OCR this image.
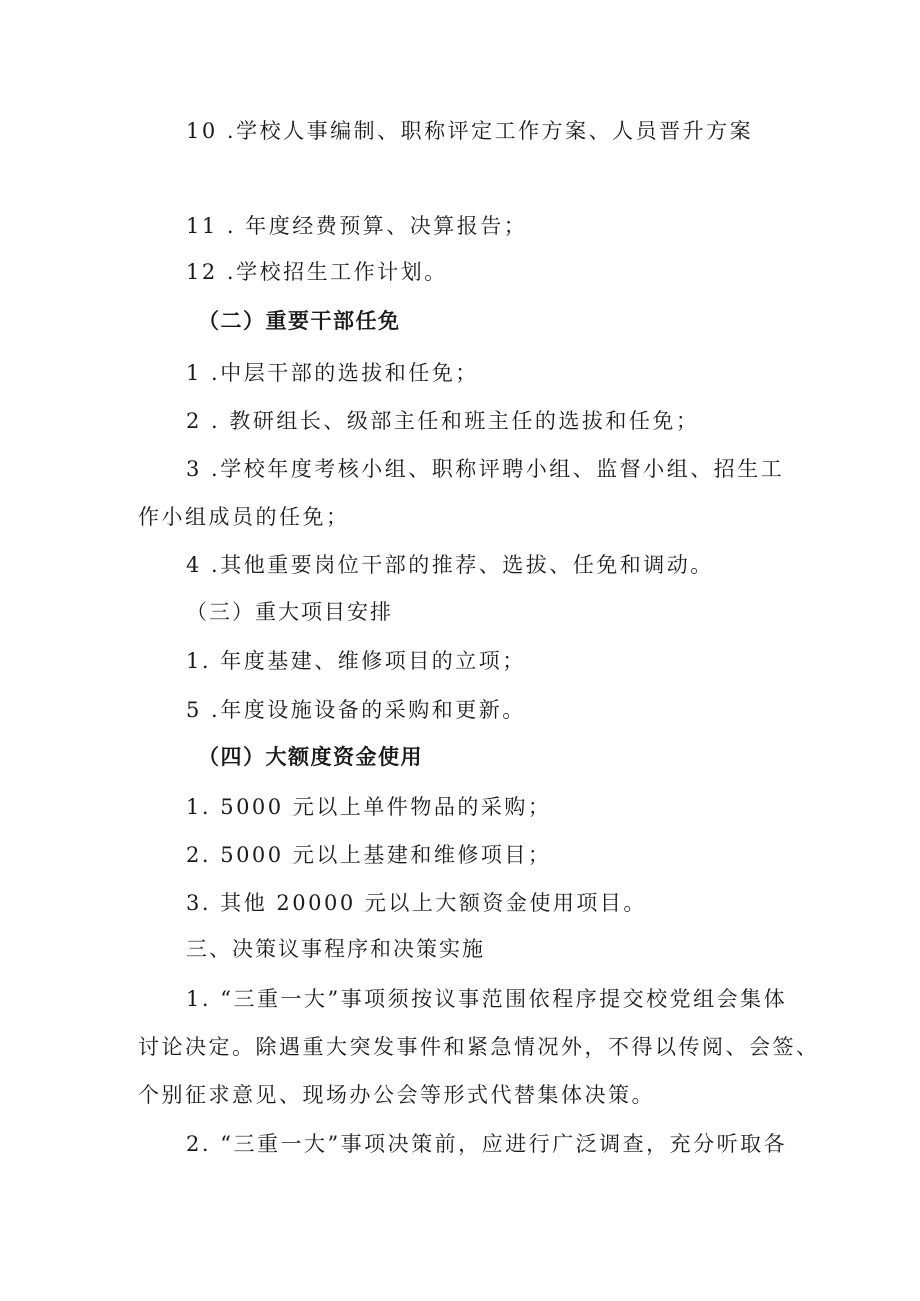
10 .学校人事编制、职称评定工作方案、人员晋升方案
11 . 年度经费预算、决算报告；
12 .学校招生工作计划。
（二）重要干部任免
1 .中层干部的选拔和任免；
2 . 教研组长、级部主任和班主任的选拔和任免；
3 .学校年度考核小组、职称评聘小组、监督小组、招生工
作小组成员的任免；
4 .其他重要岗位干部的推荐、选拔、任免和调动。
（三）重大项目安排
1. 年度基建、维修项目的立项；
5 .年度设施设备的采购和更新。
（四）大额度资金使用
1. 5000 元以上单件物品的采购；
2. 5000 元以上基建和维修项目；
3. 其他 20000 元以上大额资金使用项目。
三、决策议事程序和决策实施
1. “三重一大”事项须按议事范围依程序提交校党组会集体
讨论决定。除遇重大突发事件和紧急情况外，不得以传阅、会签、
个别征求意见、现场办公会等形式代替集体决策。
2. “三重一大”事项决策前，应进行广泛调查，充分听取各
